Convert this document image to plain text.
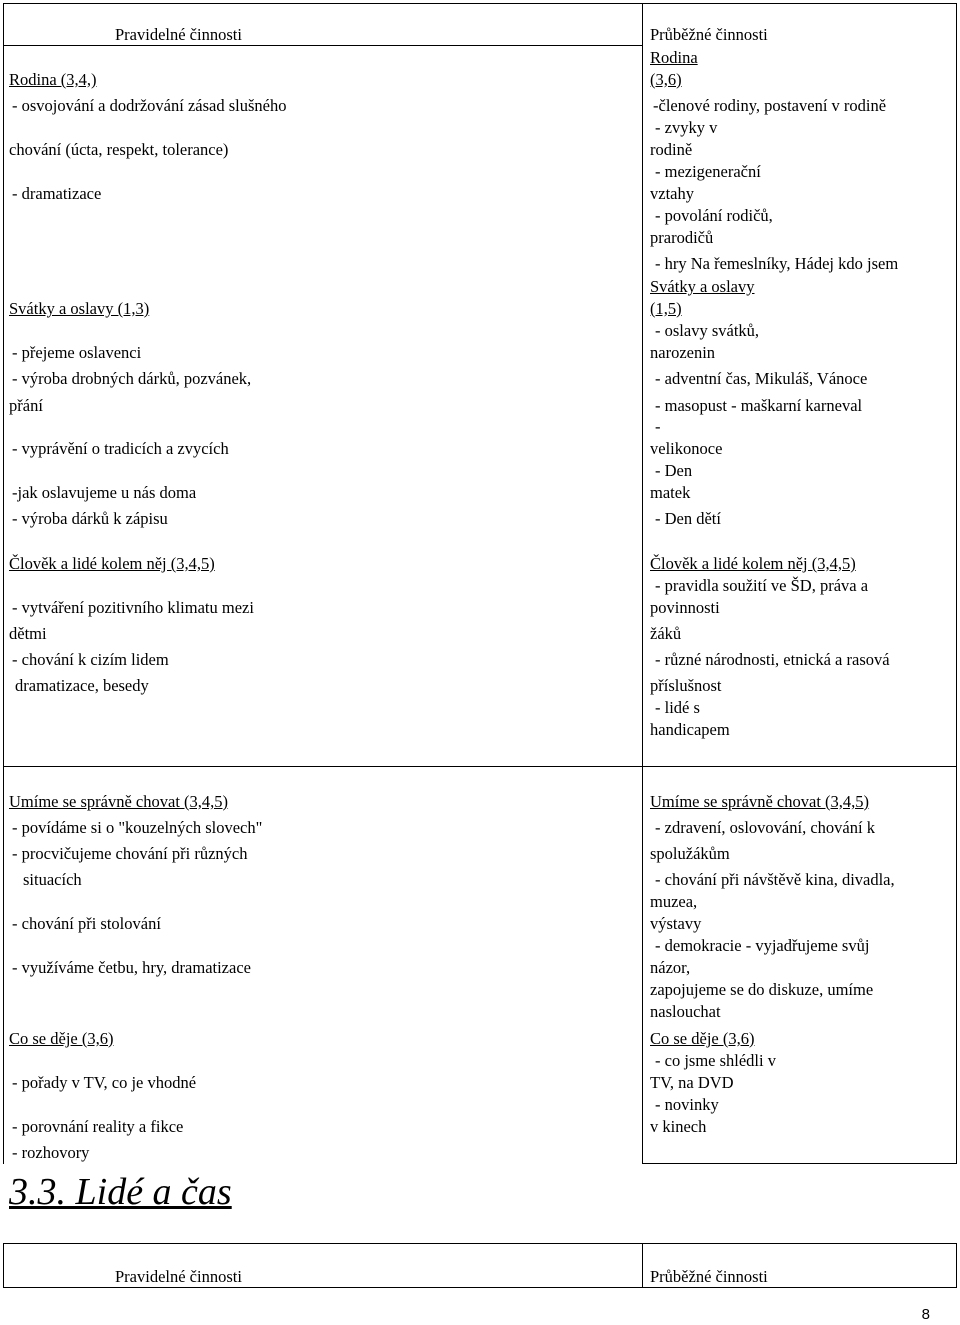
Pravidelné činnosti	Průběžné činnosti
Rodina (3,4,)
- osvojování a dodržování zásad slušného
chování (úcta, respekt, tolerance)
- dramatizace
Svátky a oslavy (1,3)
- přejeme oslavenci
- výroba drobných dárků, pozvánek,
přání
- vyprávění o tradicích a zvycích
-jak oslavujeme u nás doma
- výroba dárků k zápisu
Člověk a lidé kolem něj (3,4,5)
- vytváření pozitivního klimatu mezi
dětmi
- chování k cizím lidem
dramatizace, besedy
Rodina
(3,6)
-členové rodiny, postavení v rodině
- zvyky v
rodině
- mezigenerační
vztahy
- povolání rodičů,
prarodičů
- hry Na řemeslníky, Hádej kdo jsem
Svátky a oslavy
(1,5)
- oslavy svátků,
narozenin
- adventní čas, Mikuláš, Vánoce
- masopust - maškarní karneval
-
velikonoce
- Den
matek
- Den dětí
Člověk a lidé kolem něj (3,4,5)
- pravidla soužití ve ŠD, práva a
povinnosti
žáků
- různé národnosti, etnická a rasová
příslušnost
- lidé s
handicapem
Umíme se správně chovat (3,4,5)
- povídáme si o "kouzelných slovech"
- procvičujeme chování při různých
situacích
- chování při stolování
- využíváme četbu, hry, dramatizace
Co se děje (3,6)
- pořady v TV, co je vhodné
- porovnání reality a fikce
- rozhovory
Umíme se správně chovat (3,4,5)
- zdravení, oslovování, chování k
spolužákům
- chování při návštěvě kina, divadla,
muzea,
výstavy
- demokracie - vyjadřujeme svůj
názor,
zapojujeme se do diskuze, umíme
naslouchat
Co se děje (3,6)
- co jsme shlédli v
TV, na DVD
- novinky
v kinech
3.3. Lidé a čas
Pravidelné činnosti	Průběžné činnosti
8
